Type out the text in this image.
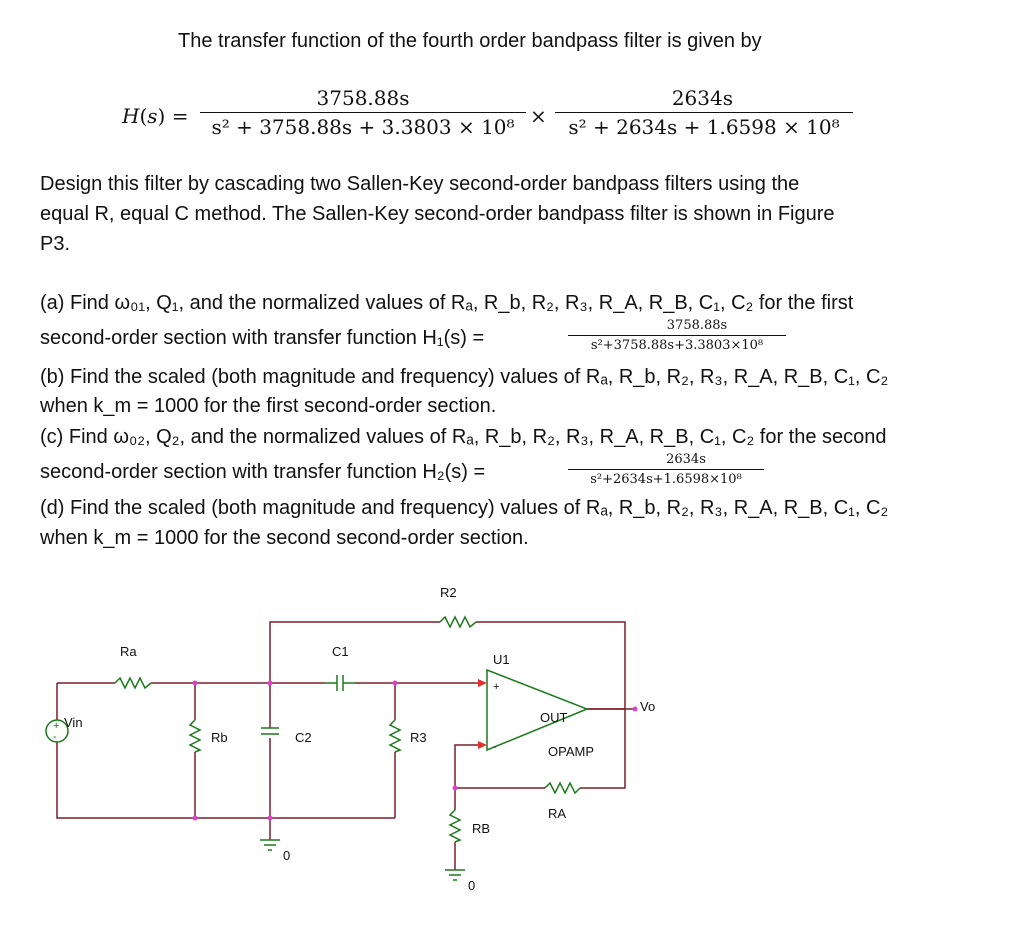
The transfer function of the fourth order bandpass filter is given by
H(s) =
3758.88s
s² + 3758.88s + 3.3803 × 10⁸ ×
2634s
s² + 2634s + 1.6598 × 10⁸
Design this filter by cascading two Sallen-Key second-order bandpass filters using the
equal R, equal C method. The Sallen-Key second-order bandpass filter is shown in Figure
P3.
(a) Find ω₀₁, Q₁, and the normalized values of Rₐ, R_b, R₂, R₃, R_A, R_B, C₁, C₂ for the first
second-order section with transfer function H₁(s) =
3758.88s
s²+3758.88s+3.3803×10⁸
(b) Find the scaled (both magnitude and frequency) values of Rₐ, R_b, R₂, R₃, R_A, R_B, C₁, C₂
when k_m = 1000 for the first second-order section.
(c) Find ω₀₂, Q₂, and the normalized values of Rₐ, R_b, R₂, R₃, R_A, R_B, C₁, C₂ for the second
second-order section with transfer function H₂(s) =
2634s
s²+2634s+1.6598×10⁸
(d) Find the scaled (both magnitude and frequency) values of Rₐ, R_b, R₂, R₃, R_A, R_B, C₁, C₂
when k_m = 1000 for the second second-order section.
+
-
R2
Ra	C1
U1
Vo
Vin
Rb	C2	R3
OUT
OPAMP
RA
RB
0
0
+
-
